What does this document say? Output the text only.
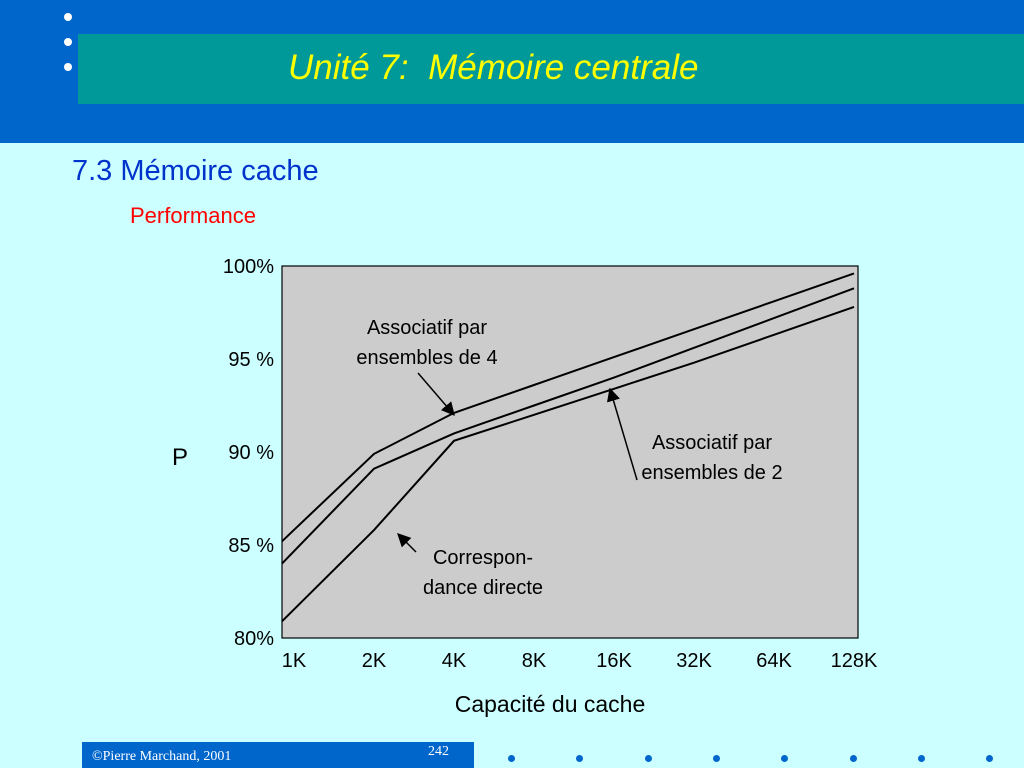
Unité 7:  Mémoire centrale
7.3 Mémoire cache
Performance
1K	2K	4K	8K 16K 32K 64K 128K
80%
85 %
90 %
95 %
100%
Associatif par ensembles de 4
Associatif par ensembles de 2
Correspon-dance directe
P
Capacité du cache
©Pierre Marchand, 2001	242
